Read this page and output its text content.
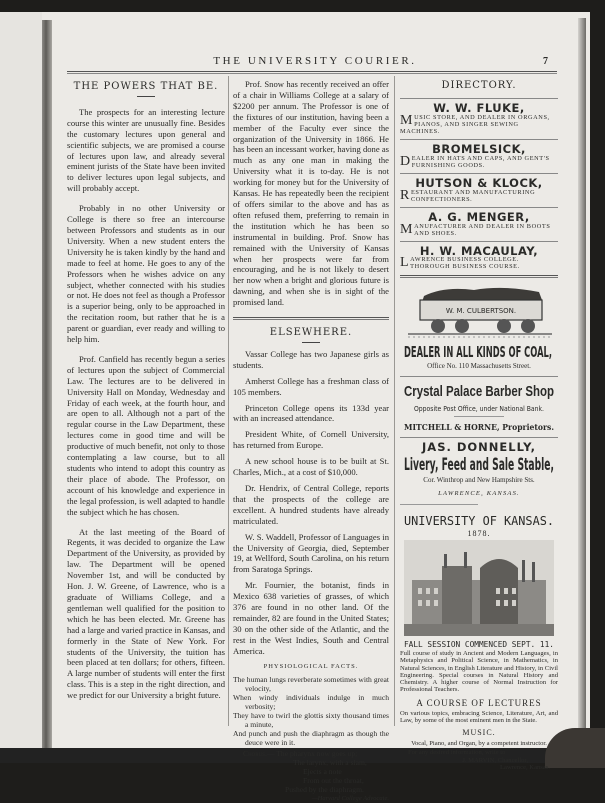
THE UNIVERSITY COURIER.	7
THE POWERS THAT BE.

The prospects for an interesting lecture course this winter are unusually fine. Besides the customary lectures upon general and scientific subjects, we are promised a course of lectures upon law, and already several eminent jurists of the State have been invited to deliver lectures upon legal subjects, and will probably accept.

Probably in no other University or College is there so free an intercourse between Professors and students as in our University. When a new student enters the University he is taken kindly by the hand and made to feel at home. He goes to any of the Professors when he wishes advice on any subject, whether connected with his studies or not. He does not feel as though a Professor is a superior being, only to be approached in the recitation room, but rather that he is a parent or guardian, ever ready and willing to help him.

Prof. Canfield has recently begun a series of lectures upon the subject of Commercial Law. The lectures are to be delivered in University Hall on Monday, Wednesday and Friday of each week, at the fourth hour, and are open to all. Although not a part of the regular course in the Law Department, these lectures come in good time and will be productive of much benefit, not only to those contemplating a law course, but to all students who intend to adopt this country as their place of abode. The Professor, on account of his knowledge and experience in the legal profession, is well adapted to handle the subject which he has chosen.

At the last meeting of the Board of Regents, it was decided to organize the Law Department of the University, as provided by law. The Department will be opened November 1st, and will be conducted by Hon. J. W. Greene, of Lawrence, who is a graduate of Williams College, and a gentleman well qualified for the position to which he has been elected. Mr. Greene has had a large and varied practice in Kansas, and formerly in the State of New York. For students of the University, the tuition has been placed at ten dollars; for others, fifteen. A large number of students will enter the first class. This is a step in the right direction, and we predict for our University a bright future.

Prof. Snow has recently received an offer of a chair in Williams College at a salary of $2200 per annum. The Professor is one of the fixtures of our institution, having been a member of the Faculty ever since the organization of the University in 1866. He has been an incessant worker, having done as much as any one man in making the University what it is to-day. He is not working for money but for the University of Kansas. He has repeatedly been the recipient of offers similar to the above and has as often refused them, preferring to remain in the institution which he has been so instrumental in building. Prof. Snow has remained with the University of Kansas when her prospects were far from encouraging, and he is not likely to desert her now when a bright and glorious future is dawning, and when she is in sight of the promised land.

ELSEWHERE.

Vassar College has two Japanese girls as students.

Amherst College has a freshman class of 105 members.

Princeton College opens its 133d year with an increased attendance.

President White, of Cornell University, has returned from Europe.

A new school house is to be built at St. Charles, Mich., at a cost of $10,000.

Dr. Hendrix, of Central College, reports that the prospects of the college are excellent. A hundred students have already matriculated.

W. S. Waddell, Professor of Languages in the University of Georgia, died, September 19, at Wellford, South Carolina, on his return from Saratoga Springs.

Mr. Fournier, the botanist, finds in Mexico 638 varieties of grasses, of which 376 are found in no other land. Of the remainder, 82 are found in the United States; 30 on the other side of the Atlantic, and the rest in the West Indies, South and Central America.

PHYSIOLOGICAL FACTS.
The human lungs reverberate sometimes with great velocity,
When windy individuals indulge in much verbosity;
They have to twirl the glottis sixty thousand times a minute,
And punch and push the diaphragm as though the deuce were in it.
Chorus.— The pharynx now goes up;
The larynx, with a slam,
Ejects a note
From out the throat,
Pushed by the diaphragm.
—Harvard College Advocate.
DIRECTORY.
W. W. FLUKE,
MUSIC STORE, AND DEALER IN ORGANS, PIANOS, AND SINGER SEWING MACHINES.
BROMELSICK,
DEALER IN HATS AND CAPS, AND GENT'S FURNISHING GOODS.
HUTSON & KLOCK,
RESTAURANT AND MANUFACTURING CONFECTIONERS.
A. G. MENGER,
MANUFACTURER AND DEALER IN BOOTS AND SHOES.
H. W. MACAULAY,
LAWRENCE BUSINESS COLLEGE. THOROUGH BUSINESS COURSE.
W. M. CULBERTSON.
DEALER IN ALL KINDS OF COAL,
Office No. 110 Massachusetts Street.
Crystal Palace Barber Shop
Opposite Post Office, under National Bank.
MITCHELL & HORNE, Proprietors.
JAS. DONNELLY,
Livery, Feed and Sale Stable,
Cor. Winthrop and New Hampshire Sts.
LAWRENCE, KANSAS.
UNIVERSITY OF KANSAS.
1878.
FALL SESSION COMMENCED SEPT. 11.
Full course of study in Ancient and Modern Languages, in Metaphysics and Political Science, in Mathematics, in Natural Sciences, in English Literature and History, in Civil Engineering. Special courses in Natural History and Chemistry. A higher course of Normal Instruction for Professional Teachers.
A COURSE OF LECTURES
On various topics, embracing Science, Literature, Art, and Law, by some of the most eminent men in the State.
MUSIC.
Vocal, Piano, and Organ, by a competent instructor.
For any desired information, write to
J. MARVIN, Chancellor,
Lawrence, Kansas.
